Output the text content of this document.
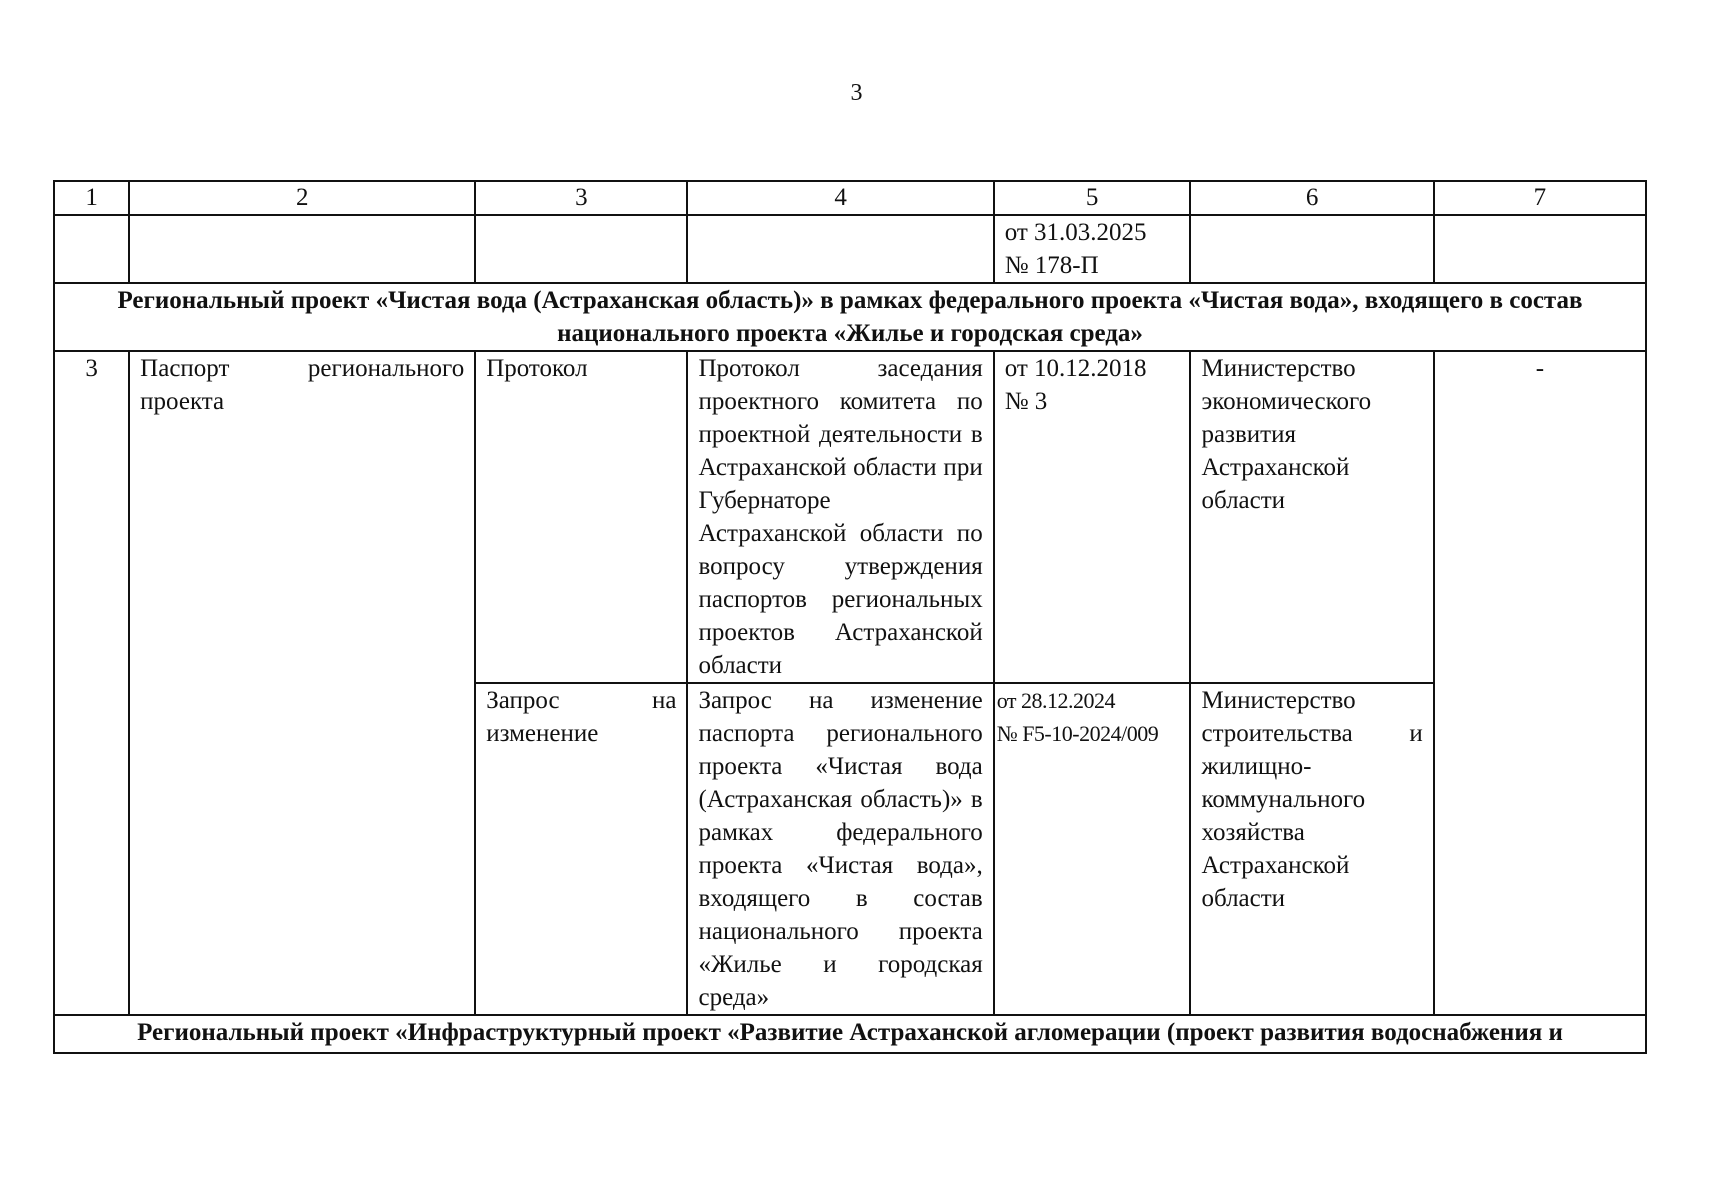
3
1	2	3	4	5	6	7

				от 31.03.2025
№ 178-П		

Региональный проект «Чистая вода (Астраханская область)» в рамках федерального проекта «Чистая вода», входящего в состав национального проекта «Жилье и городская среда»						
3	Паспорт регионального проекта	Протокол	Протокол заседания проектного комитета по проектной деятельности в Астраханской области при Губернаторе Астраханской области по вопросу утверждения паспортов региональных проектов Астраханской области	от 10.12.2018
№ 3	Министерство экономического развития Астраханской области	-
		Запрос на изменение	Запрос на изменение паспорта регионального проекта «Чистая вода (Астраханская область)» в рамках федерального проекта «Чистая вода», входящего в состав национального проекта «Жилье и городская среда»	от 28.12.2024
№ F5-10-2024/009	Министерство строительства и жилищно-коммунального хозяйства Астраханской области	

Региональный проект «Инфраструктурный проект «Развитие Астраханской агломерации (проект развития водоснабжения и						
